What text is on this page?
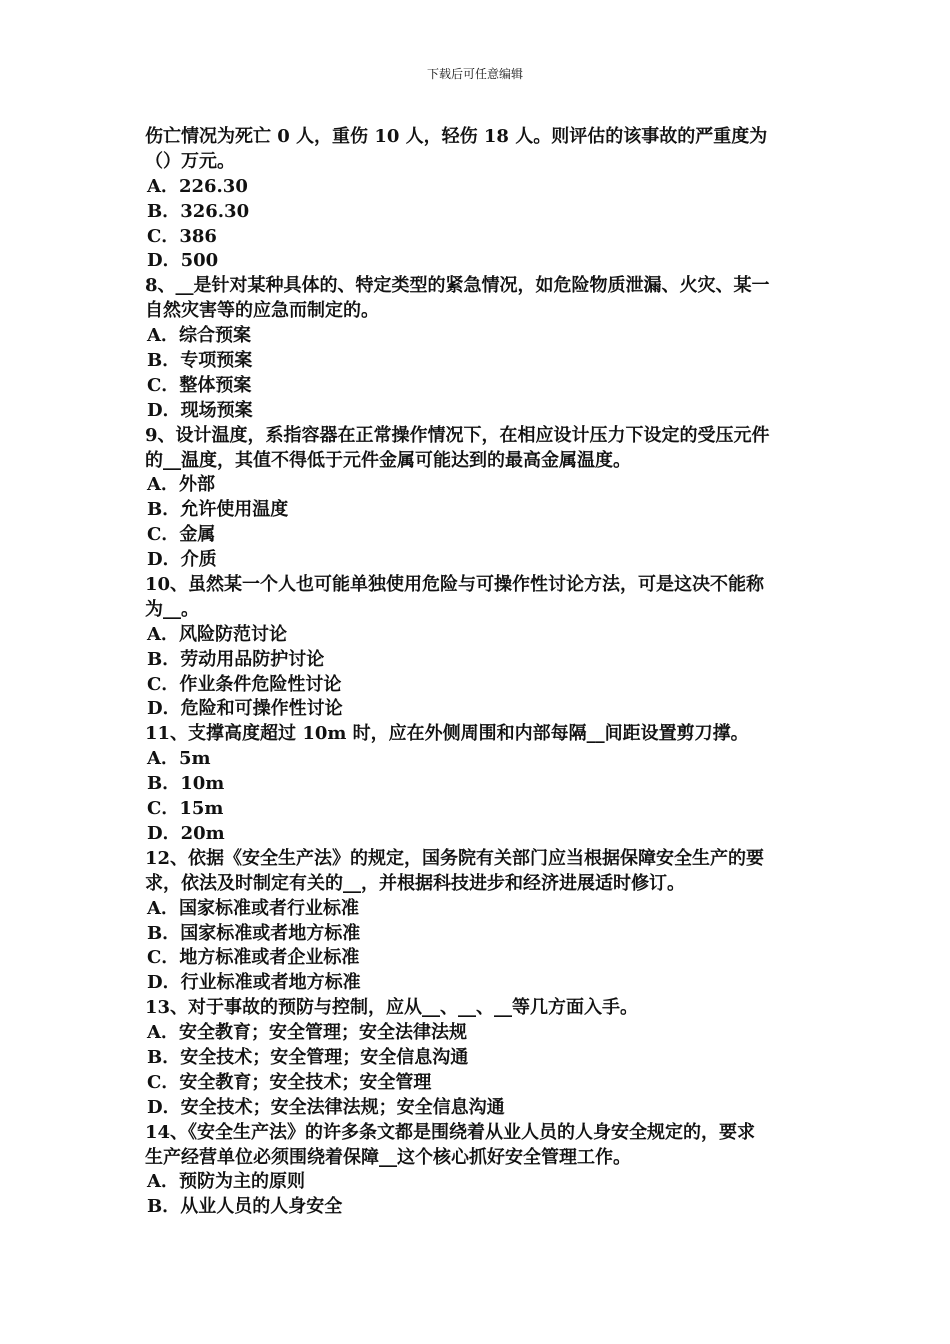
下载后可任意编辑
伤亡情况为死亡 0 人，重伤 10 人，轻伤 18 人。则评估的该事故的严重度为
（）万元。
A．226.30
B．326.30
C．386
D．500
8、__是针对某种具体的、特定类型的紧急情况，如危险物质泄漏、火灾、某一
自然灾害等的应急而制定的。
A．综合预案
B．专项预案
C．整体预案
D．现场预案
9、设计温度，系指容器在正常操作情况下，在相应设计压力下设定的受压元件
的__温度，其值不得低于元件金属可能达到的最高金属温度。
A．外部
B．允许使用温度
C．金属
D．介质
10、虽然某一个人也可能单独使用危险与可操作性讨论方法，可是这决不能称
为__。
A．风险防范讨论
B．劳动用品防护讨论
C．作业条件危险性讨论
D．危险和可操作性讨论
11、支撑高度超过 10m 时，应在外侧周围和内部每隔__间距设置剪刀撑。
A．5m
B．10m
C．15m
D．20m
12、依据《安全生产法》的规定，国务院有关部门应当根据保障安全生产的要
求，依法及时制定有关的__，并根据科技进步和经济进展适时修订。
A．国家标准或者行业标准
B．国家标准或者地方标准
C．地方标准或者企业标准
D．行业标准或者地方标准
13、对于事故的预防与控制，应从__、__、__等几方面入手。
A．安全教育；安全管理；安全法律法规
B．安全技术；安全管理；安全信息沟通
C．安全教育；安全技术；安全管理
D．安全技术；安全法律法规；安全信息沟通
14、《安全生产法》的许多条文都是围绕着从业人员的人身安全规定的，要求
生产经营单位必须围绕着保障__这个核心抓好安全管理工作。
A．预防为主的原则
B．从业人员的人身安全
